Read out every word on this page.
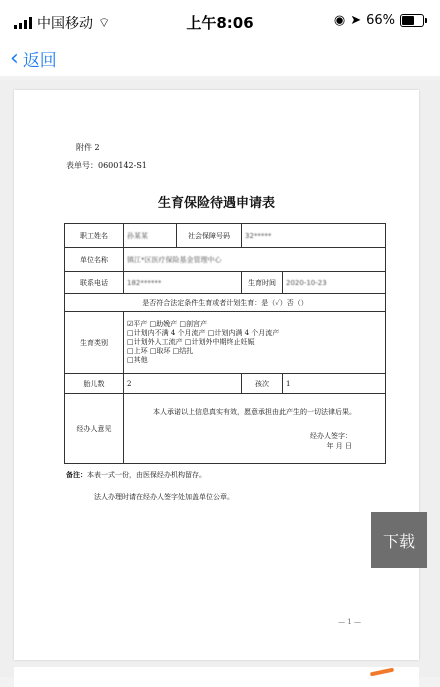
中国移动 ⌔	上午8:06	◉ ➤ 66%
‹ 返回
附件 2
表单号：0600142-S1
生育保险待遇申请表
职工姓名	孙某某	社会保障号码	32*****	
单位名称	镇江*区医疗保险基金管理中心			
联系电话	182******		生育时间	2020-10-23
是否符合法定条件生育或者计划生育：是（✓）否（）				
生育类别	☑平产 □助娩产 □剖宫产
□计划内不满 4 个月流产 □计划内满 4 个月流产
□计划外人工流产 □计划外中期终止妊娠
□上环 □取环 □结扎
□其他			

胎儿数	2		孩次	1
经办人意见	本人承诺以上信息真实有效，愿意承担由此产生的一切法律后果。
经办人签字：
年 月 日			
备注：本表一式一份，由医保经办机构留存。
法人办理时请在经办人签字处加盖单位公章。
— 1 —
下载
